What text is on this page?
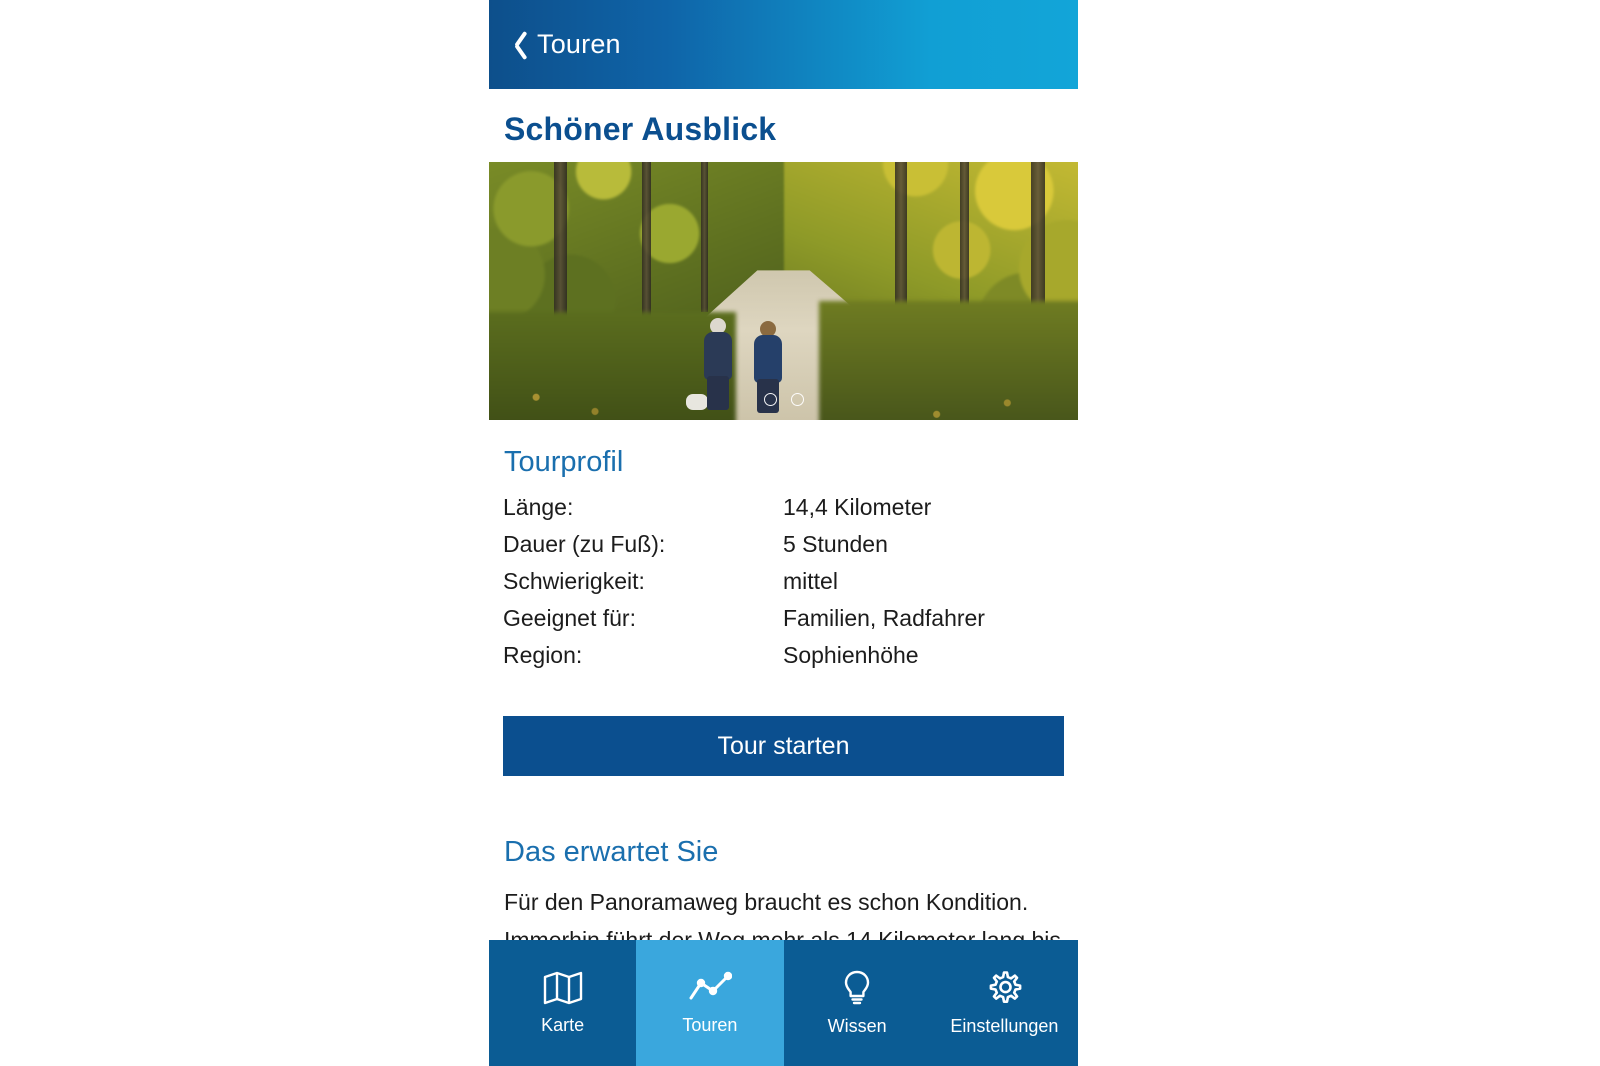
Touren
Schöner Ausblick
Tourprofil
Länge:	14,4 Kilometer
Dauer (zu Fuß):	5 Stunden
Schwierigkeit:	mittel
Geeignet für:	Familien, Radfahrer
Region:	Sophienhöhe
Tour starten
Das erwartet Sie

Für den Panoramaweg braucht es schon Kondition.

Karte	Touren	Wissen	Einstellungen
